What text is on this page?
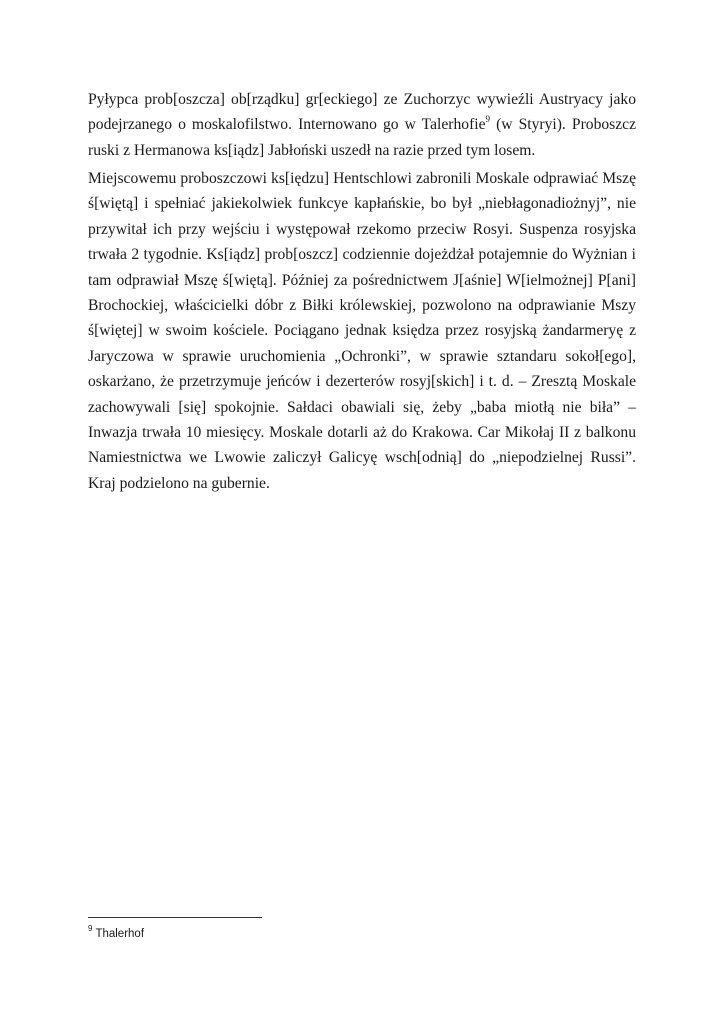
Pyłypca prob[oszcza] ob[rządku] gr[eckiego] ze Zuchorzyc wywieźli Austryacy jako podejrzanego o moskalofilstwo. Internowano go w Talerhofie$^9$ (w Styryi). Proboszcz ruski z Hermanowa ks[iądz] Jabłoński uszedł na razie przed tym losem.

Miejscowemu proboszczowi ks[iędzu] Hentschlowi zabronili Moskale odprawiać Mszę ś[więtą] i spełniać jakiekolwiek funkcye kapłańskie, bo był „niebłagonadiożnyj”, nie przywitał ich przy wejściu i występował rzekomo przeciw Rosyi. Suspenza rosyjska trwała 2 tygodnie. Ks[iądz] prob[oszcz] codziennie dojeżdżał potajemnie do Wyżnian i tam odprawiał Mszę ś[więtą]. Później za pośrednictwem J[aśnie] W[ielmożnej] P[ani] Brochockiej, właścicielki dóbr z Biłki królewskiej, pozwolono na odprawianie Mszy ś[więtej] w swoim kościele. Pociągano jednak księdza przez rosyjską żandarmeryę z Jaryczowa w sprawie uruchomienia „Ochronki”, w sprawie sztandaru sokoł[ego], oskarżano, że przetrzymuje jeńców i dezerterów rosyj[skich] i t. d. – Zresztą Moskale zachowywali [się] spokojnie. Sałdaci obawiali się, żeby „baba miotłą nie biła” – Inwazja trwała 10 miesięcy. Moskale dotarli aż do Krakowa. Car Mikołaj II z balkonu Namiestnictwa we Lwowie zaliczył Galicyę wsch[odnią] do „niepodzielnej Russi”. Kraj podzielono na gubernie.

$^9$ Thalerhof
